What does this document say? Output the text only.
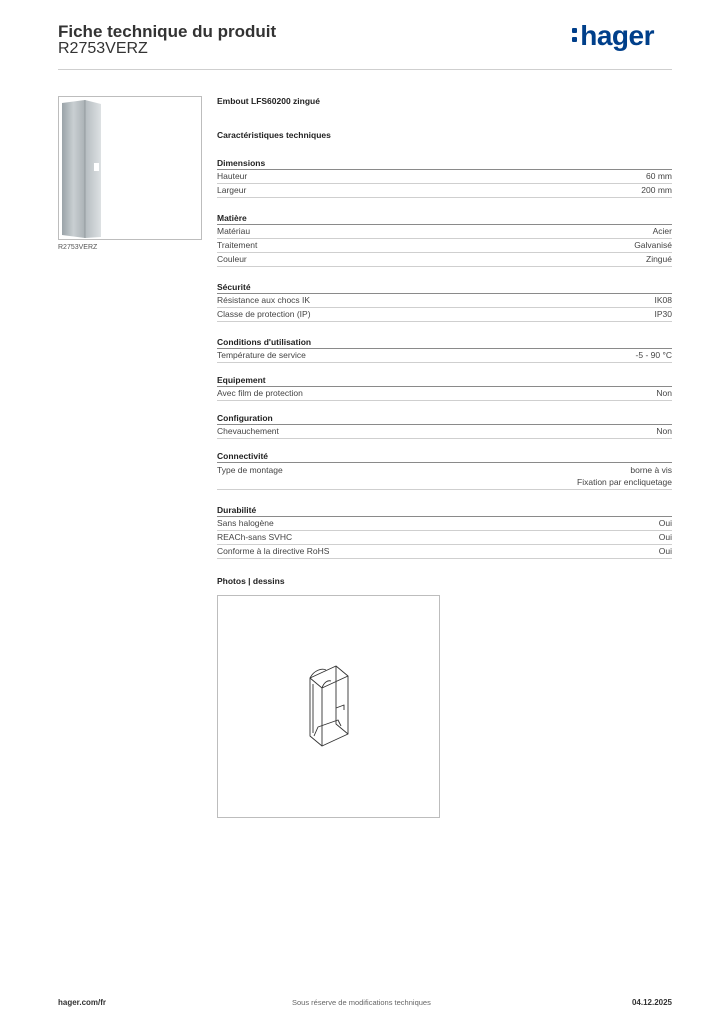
Fiche technique du produit
R2753VERZ	hager
R2753VERZ
Embout LFS60200 zingué
Caractéristiques techniques
Dimensions
Hauteur	60 mm
Largeur	200 mm
Matière
Matériau	Acier
Traitement	Galvanisé
Couleur	Zingué
Sécurité
Résistance aux chocs IK	IK08
Classe de protection (IP)	IP30
Conditions d'utilisation
Température de service	-5 - 90 °C
Equipement
Avec film de protection	Non
Configuration
Chevauchement	Non
Connectivité
Type de montage	borne à vis
Fixation par encliquetage
Durabilité
Sans halogène	Oui
REACh-sans SVHC	Oui
Conforme à la directive RoHS	Oui
Photos | dessins
hager.com/fr	Sous réserve de modifications techniques	04.12.2025
